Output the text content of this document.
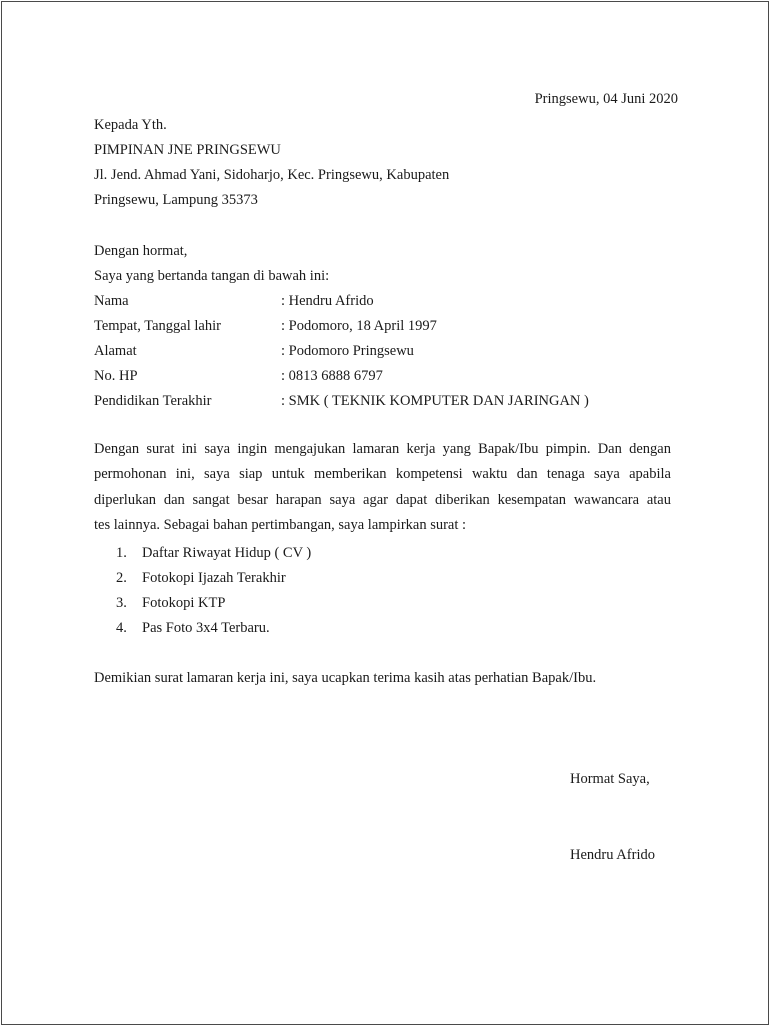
Pringsewu, 04 Juni 2020
Kepada Yth.
PIMPINAN JNE PRINGSEWU
Jl. Jend. Ahmad Yani, Sidoharjo, Kec. Pringsewu, Kabupaten
Pringsewu, Lampung 35373
Dengan hormat,
Saya yang bertanda tangan di bawah ini:
Nama	: Hendru Afrido
Tempat, Tanggal lahir	: Podomoro, 18 April 1997
Alamat	: Podomoro Pringsewu
No. HP	: 0813 6888 6797
Pendidikan Terakhir	: SMK ( TEKNIK KOMPUTER DAN JARINGAN )
Dengan surat ini saya ingin mengajukan lamaran kerja yang Bapak/Ibu pimpin. Dan dengan
permohonan ini, saya siap untuk memberikan kompetensi waktu dan tenaga saya apabila
diperlukan dan sangat besar harapan saya agar dapat diberikan kesempatan wawancara atau
tes lainnya. Sebagai bahan pertimbangan, saya lampirkan surat :
1. Daftar Riwayat Hidup ( CV )
2. Fotokopi Ijazah Terakhir
3. Fotokopi KTP
4. Pas Foto 3x4 Terbaru.
Demikian surat lamaran kerja ini, saya ucapkan terima kasih atas perhatian Bapak/Ibu.
Hormat Saya,
Hendru Afrido
